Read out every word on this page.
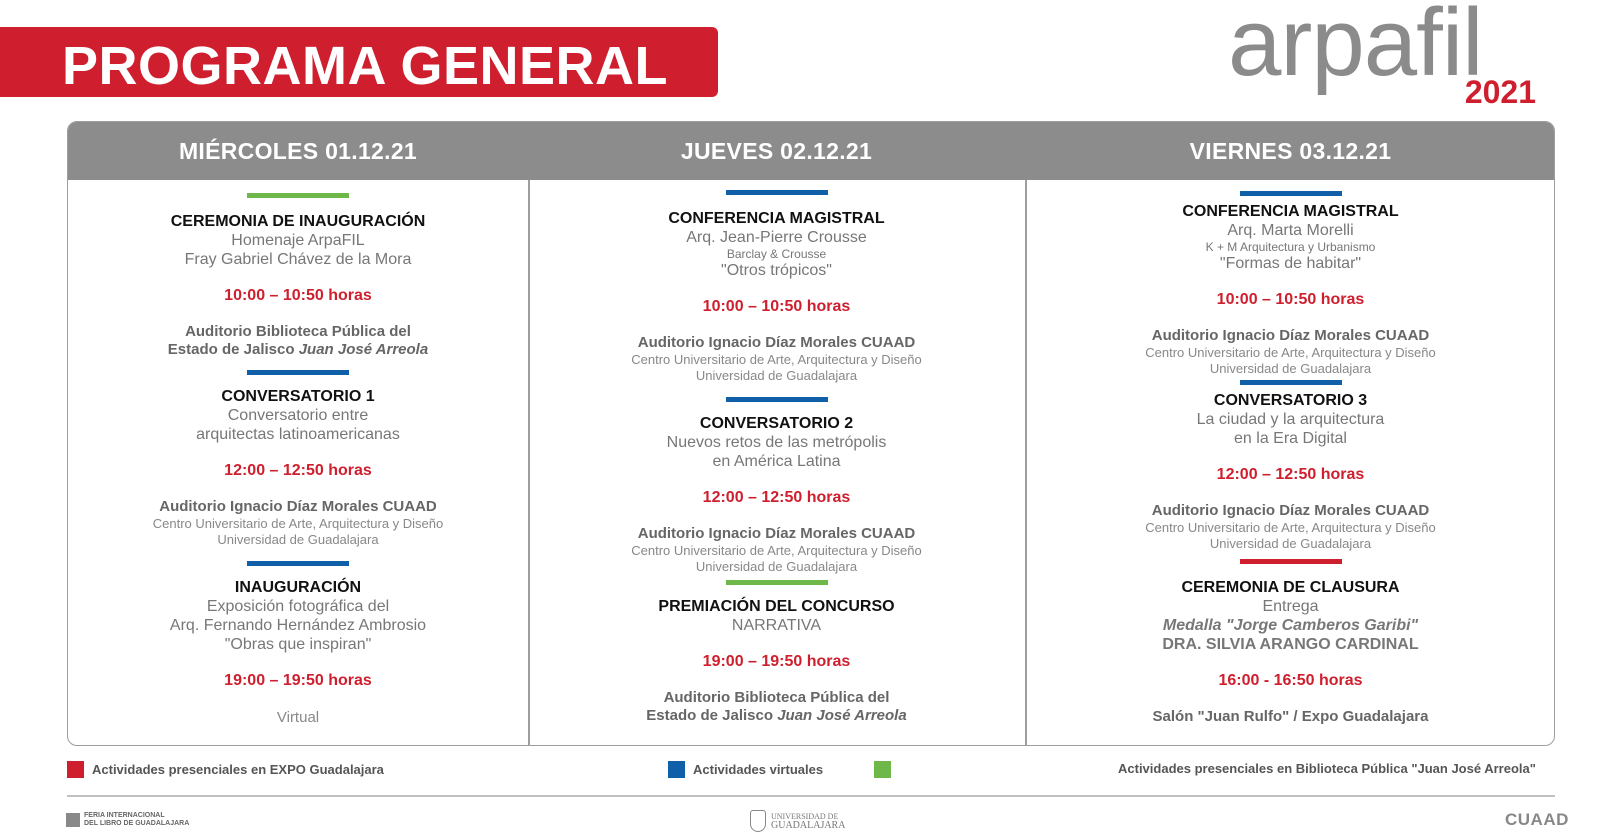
PROGRAMA GENERAL	arpafil
2021
MIÉRCOLES 01.12.21	JUEVES 02.12.21	VIERNES 03.12.21
CEREMONIA DE INAUGURACIÓN
Homenaje ArpaFIL
Fray Gabriel Chávez de la Mora
10:00 – 10:50 horas
Auditorio Biblioteca Pública del
Estado de Jalisco Juan José Arreola
CONVERSATORIO 1
Conversatorio entre
arquitectas latinoamericanas
12:00 – 12:50 horas
Auditorio Ignacio Díaz Morales CUAAD
Centro Universitario de Arte, Arquitectura y Diseño
Universidad de Guadalajara
INAUGURACIÓN
Exposición fotográfica del
Arq. Fernando Hernández Ambrosio
"Obras que inspiran"
19:00 – 19:50 horas
Virtual
CONFERENCIA MAGISTRAL
Arq. Jean-Pierre Crousse
Barclay & Crousse
"Otros trópicos"
10:00 – 10:50 horas
Auditorio Ignacio Díaz Morales CUAAD
Centro Universitario de Arte, Arquitectura y Diseño
Universidad de Guadalajara
CONVERSATORIO 2
Nuevos retos de las metrópolis
en América Latina
12:00 – 12:50 horas
Auditorio Ignacio Díaz Morales CUAAD
Centro Universitario de Arte, Arquitectura y Diseño
Universidad de Guadalajara
PREMIACIÓN DEL CONCURSO
NARRATIVA
19:00 – 19:50 horas
Auditorio Biblioteca Pública del
Estado de Jalisco Juan José Arreola
CONFERENCIA MAGISTRAL
Arq. Marta Morelli
K + M Arquitectura y Urbanismo
"Formas de habitar"
10:00 – 10:50 horas
Auditorio Ignacio Díaz Morales CUAAD
Centro Universitario de Arte, Arquitectura y Diseño
Universidad de Guadalajara
CONVERSATORIO 3
La ciudad y la arquitectura
en la Era Digital
12:00 – 12:50 horas
Auditorio Ignacio Díaz Morales CUAAD
Centro Universitario de Arte, Arquitectura y Diseño
Universidad de Guadalajara
CEREMONIA DE CLAUSURA
Entrega
Medalla "Jorge Camberos Garibi"
DRA. SILVIA ARANGO CARDINAL
16:00 - 16:50 horas
Salón "Juan Rulfo" / Expo Guadalajara
Actividades presenciales en EXPO Guadalajara	Actividades virtuales	Actividades presenciales en Biblioteca Pública "Juan José Arreola"
FERIA INTERNACIONAL
DEL LIBRO DE GUADALAJARA
UNIVERSIDAD DE
GUADALAJARA	CUAAD
